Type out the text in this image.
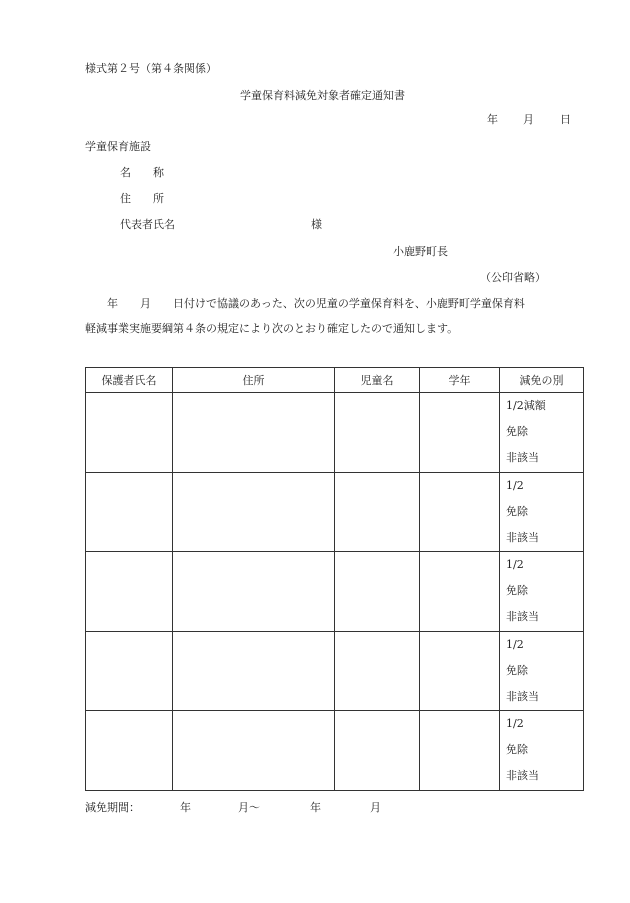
様式第２号（第４条関係）
学童保育料減免対象者確定通知書
年 月 日
学童保育施設
名　　称
住　　所
代表者氏名	様
小鹿野町長
（公印省略）
　　年　　月　　日付けで協議のあった、次の児童の学童保育料を、小鹿野町学童保育料
軽減事業実施要綱第４条の規定により次のとおり確定したので通知します。
保護者氏名	住所	児童名	学年	減免の別

				1/2減額
免除
非該当

				1/2
免除
非該当

				1/2
免除
非該当

				1/2
免除
非該当

				1/2
免除
非該当
減免期間：	年	月～	年	月
